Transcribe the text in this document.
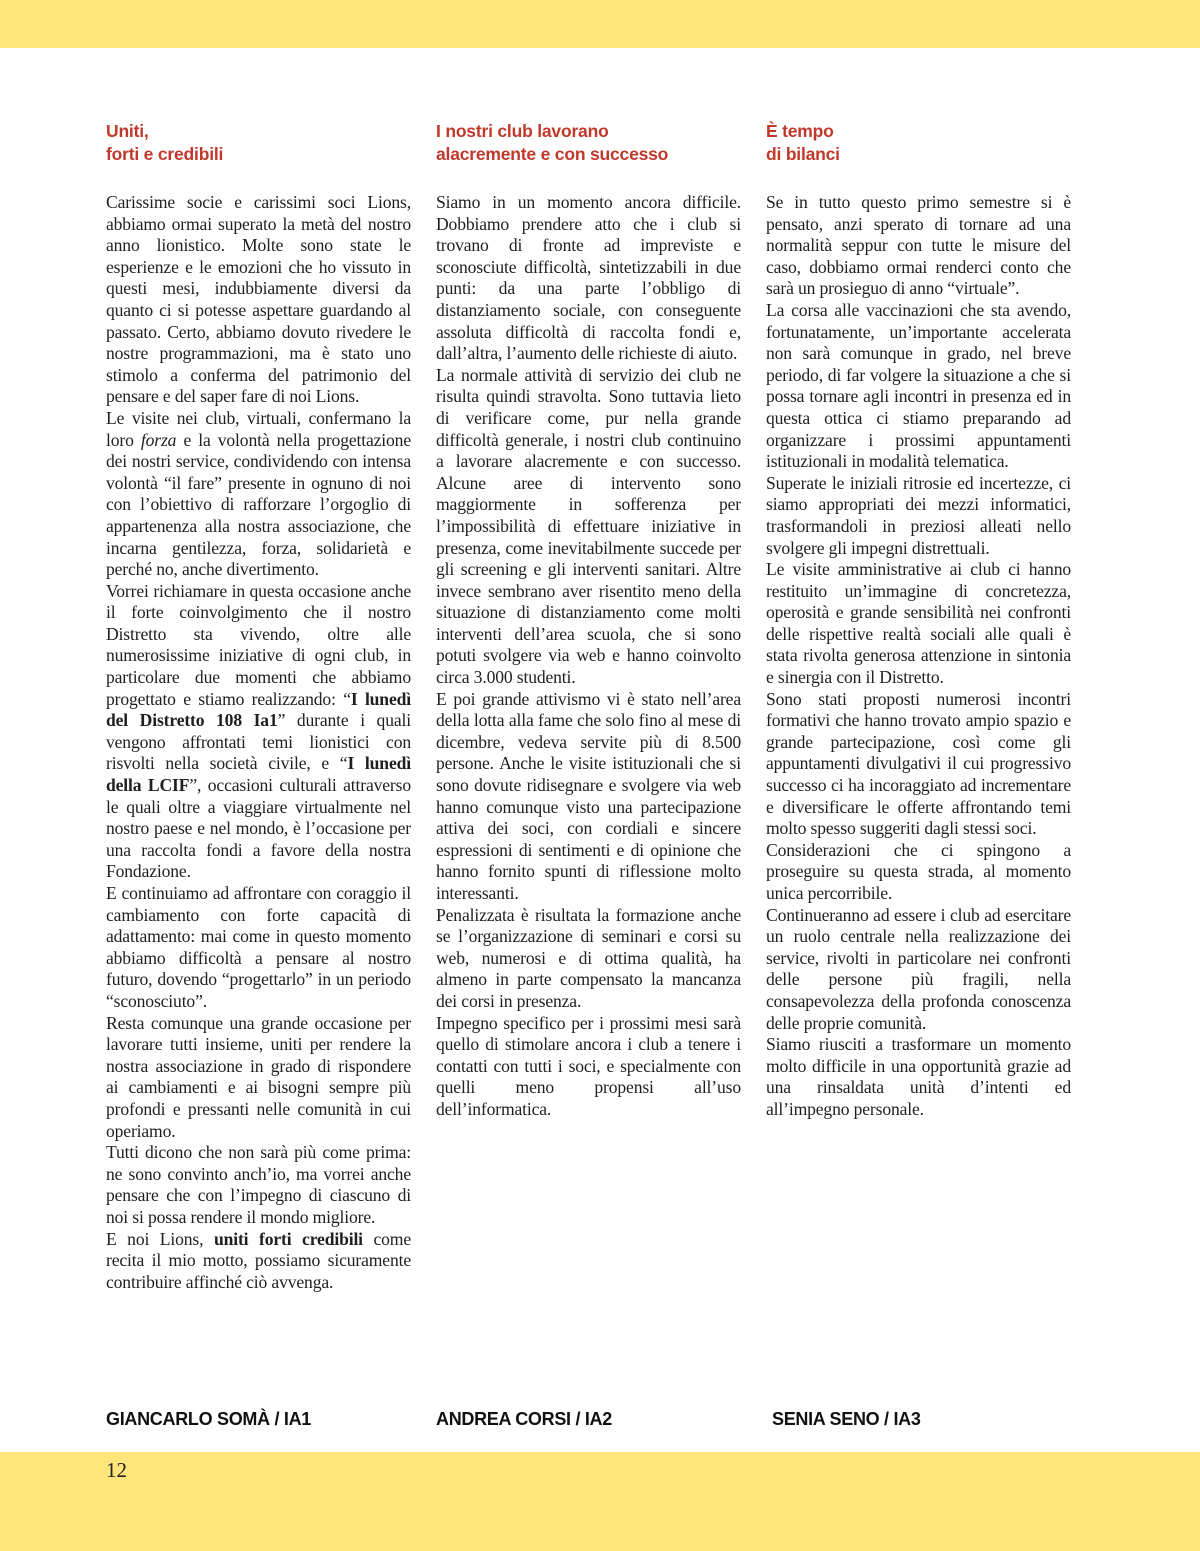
Uniti,
forti e credibili

Carissime socie e carissimi soci Lions, abbiamo ormai superato la metà del nostro anno lionistico. Molte sono state le esperienze e le emozioni che ho vissuto in questi mesi, indubbiamente diversi da quanto ci si potesse aspettare guardando al passato. Certo, abbiamo dovuto rivedere le nostre programmazioni, ma è stato uno stimolo a conferma del patrimonio del pensare e del saper fare di noi Lions.

Le visite nei club, virtuali, confermano la loro forza e la volontà nella progettazione dei nostri service, condividendo con intensa volontà “il fare” presente in ognuno di noi con l’obiettivo di rafforzare l’orgoglio di appartenenza alla nostra associazione, che incarna gentilezza, forza, solidarietà e perché no, anche divertimento.

Vorrei richiamare in questa occasione anche il forte coinvolgimento che il nostro Distretto sta vivendo, oltre alle numerosissime iniziative di ogni club, in particolare due momenti che abbiamo progettato e stiamo realizzando: “I lunedì del Distretto 108 Ia1” durante i quali vengono affrontati temi lionistici con risvolti nella società civile, e “I lunedì della LCIF”, occasioni culturali attraverso le quali oltre a viaggiare virtualmente nel nostro paese e nel mondo, è l’occasione per una raccolta fondi a favore della nostra Fondazione.

E continuiamo ad affrontare con coraggio il cambiamento con forte capacità di adattamento: mai come in questo momento abbiamo difficoltà a pensare al nostro futuro, dovendo “progettarlo” in un periodo “sconosciuto”.

Resta comunque una grande occasione per lavorare tutti insieme, uniti per rendere la nostra associazione in grado di rispondere ai cambiamenti e ai bisogni sempre più profondi e pressanti nelle comunità in cui operiamo.

Tutti dicono che non sarà più come prima: ne sono convinto anch’io, ma vorrei anche pensare che con l’impegno di ciascuno di noi si possa rendere il mondo migliore.

E noi Lions, uniti forti credibili come recita il mio motto, possiamo sicuramente contribuire affinché ciò avvenga.

I nostri club lavorano
alacremente e con successo

Siamo in un momento ancora difficile. Dobbiamo prendere atto che i club si trovano di fronte ad impreviste e sconosciute difficoltà, sintetizzabili in due punti: da una parte l’obbligo di distanziamento sociale, con conseguente assoluta difficoltà di raccolta fondi e, dall’altra, l’aumento delle richieste di aiuto.

La normale attività di servizio dei club ne risulta quindi stravolta. Sono tuttavia lieto di verificare come, pur nella grande difficoltà generale, i nostri club continuino a lavorare alacremente e con successo. Alcune aree di intervento sono maggiormente in sofferenza per l’impossibilità di effettuare iniziative in presenza, come inevitabilmente succede per gli screening e gli interventi sanitari. Altre invece sembrano aver risentito meno della situazione di distanziamento come molti interventi dell’area scuola, che si sono potuti svolgere via web e hanno coinvolto circa 3.000 studenti.

E poi grande attivismo vi è stato nell’area della lotta alla fame che solo fino al mese di dicembre, vedeva servite più di 8.500 persone. Anche le visite istituzionali che si sono dovute ridisegnare e svolgere via web hanno comunque visto una partecipazione attiva dei soci, con cordiali e sincere espressioni di sentimenti e di opinione che hanno fornito spunti di riflessione molto interessanti.

Penalizzata è risultata la formazione anche se l’organizzazione di seminari e corsi su web, numerosi e di ottima qualità, ha almeno in parte compensato la mancanza dei corsi in presenza.

Impegno specifico per i prossimi mesi sarà quello di stimolare ancora i club a tenere i contatti con tutti i soci, e specialmente con quelli meno propensi all’uso dell’informatica.

È tempo
di bilanci

Se in tutto questo primo semestre si è pensato, anzi sperato di tornare ad una normalità seppur con tutte le misure del caso, dobbiamo ormai renderci conto che sarà un prosieguo di anno “virtuale”.

La corsa alle vaccinazioni che sta avendo, fortunatamente, un’importante accelerata non sarà comunque in grado, nel breve periodo, di far volgere la situazione a che si possa tornare agli incontri in presenza ed in questa ottica ci stiamo preparando ad organizzare i prossimi appuntamenti istituzionali in modalità telematica.

Superate le iniziali ritrosie ed incertezze, ci siamo appropriati dei mezzi informatici, trasformandoli in preziosi alleati nello svolgere gli impegni distrettuali.

Le visite amministrative ai club ci hanno restituito un’immagine di concretezza, operosità e grande sensibilità nei confronti delle rispettive realtà sociali alle quali è stata rivolta generosa attenzione in sintonia e sinergia con il Distretto.

Sono stati proposti numerosi incontri formativi che hanno trovato ampio spazio e grande partecipazione, così come gli appuntamenti divulgativi il cui progressivo successo ci ha incoraggiato ad incrementare e diversificare le offerte affrontando temi molto spesso suggeriti dagli stessi soci.

Considerazioni che ci spingono a proseguire su questa strada, al momento unica percorribile.

Continueranno ad essere i club ad esercitare un ruolo centrale nella realizzazione dei service, rivolti in particolare nei confronti delle persone più fragili, nella consapevolezza della profonda conoscenza delle proprie comunità.

Siamo riusciti a trasformare un momento molto difficile in una opportunità grazie ad una rinsaldata unità d’intenti ed all’impegno personale.

GIANCARLO SOMÀ / IA1	ANDREA CORSI / IA2	SENIA SENO / IA3
12
